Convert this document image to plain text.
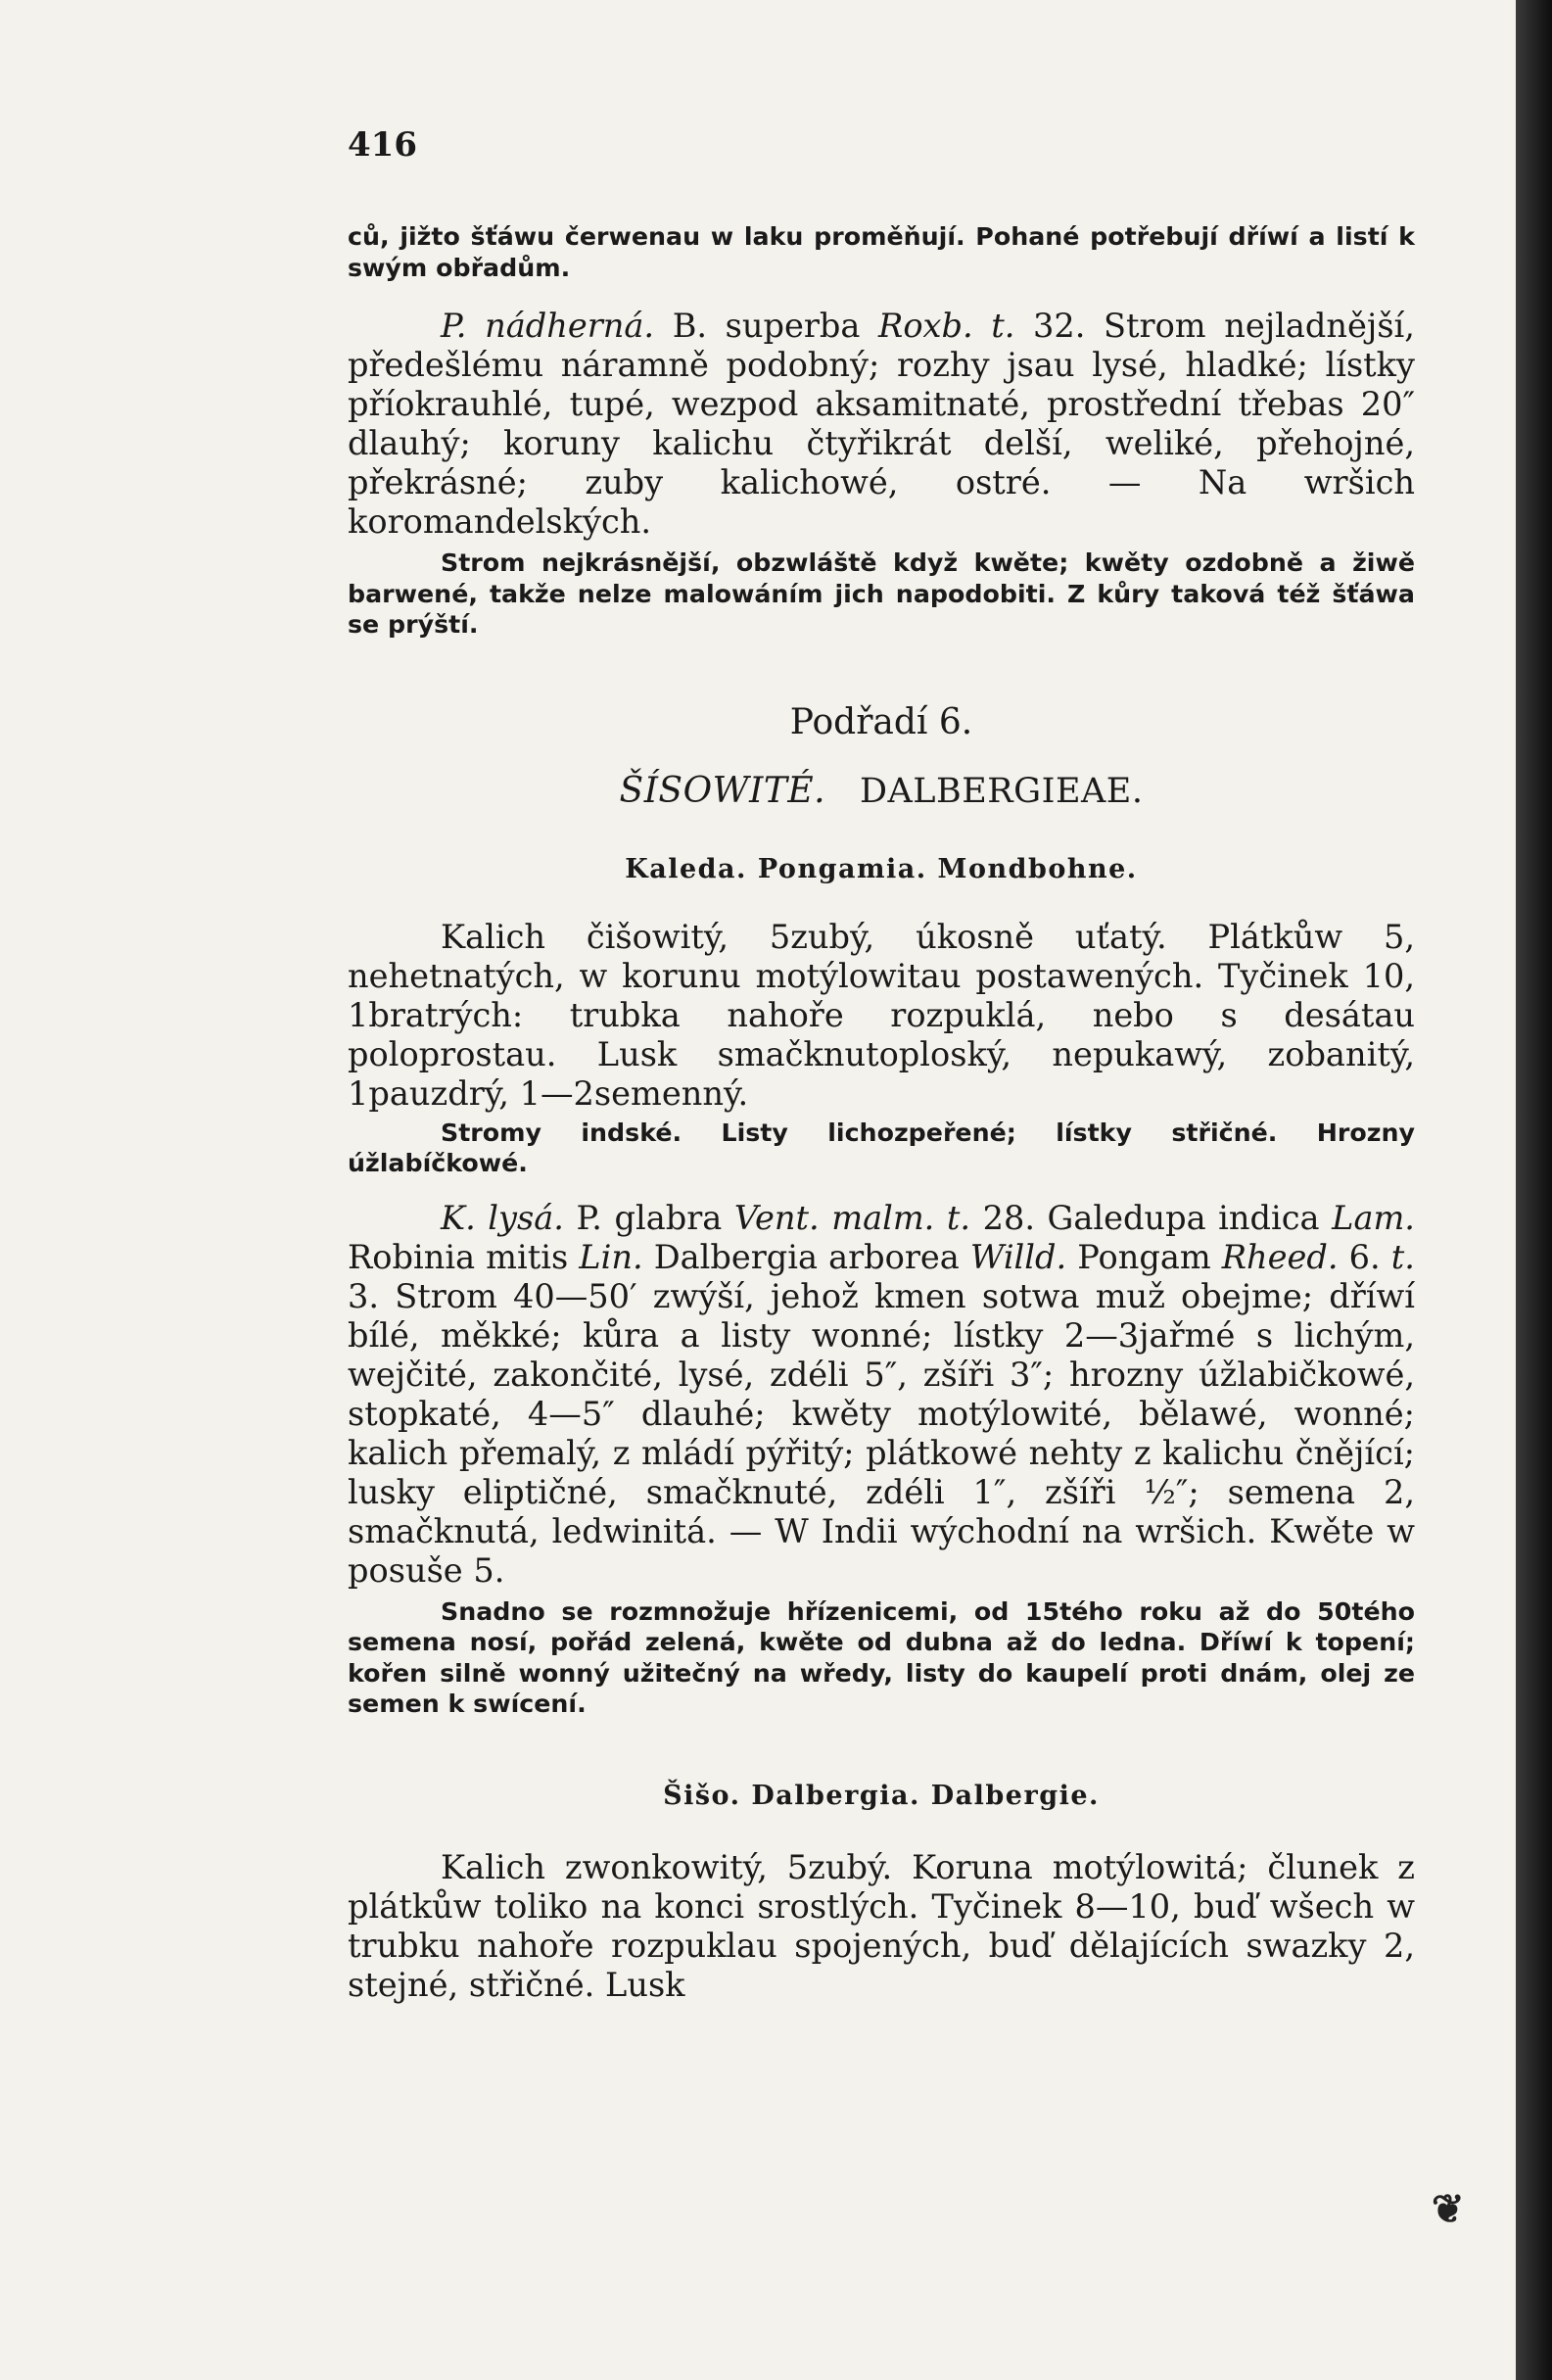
416

ců, jižto šťáwu čerwenau w laku proměňují. Pohané potřebují dříwí a listí k swým obřadům.

P. nádherná. B. superba Roxb. t. 32. Strom nejladnější, předešlému náramně podobný; rozhy jsau lysé, hladké; lístky příokrauhlé, tupé, wezpod aksamitnaté, prostřední třebas 20″ dlauhý; koruny kalichu čtyřikrát delší, weliké, přehojné, překrásné; zuby kalichowé, ostré. — Na wršich koromandelských.

Strom nejkrásnější, obzwláště když kwěte; kwěty ozdobně a žiwě barwené, takže nelze malowáním jich napodobiti. Z kůry taková též šťáwa se prýští.

Podřadí 6.

ŠÍSOWITÉ. DALBERGIEAE.

Kaleda. Pongamia. Mondbohne.

Kalich čišowitý, 5zubý, úkosně uťatý. Plátkůw 5, nehetnatých, w korunu motýlowitau postawených. Tyčinek 10, 1bratrých: trubka nahoře rozpuklá, nebo s desátau poloprostau. Lusk smačknutoploský, nepukawý, zobanitý, 1pauzdrý, 1—2semenný.

Stromy indské. Listy lichozpeřené; lístky střičné. Hrozny úžlabíčkowé.

K. lysá. P. glabra Vent. malm. t. 28. Galedupa indica Lam. Robinia mitis Lin. Dalbergia arborea Willd. Pongam Rheed. 6. t. 3. Strom 40—50′ zwýší, jehož kmen sotwa muž obejme; dříwí bílé, měkké; kůra a listy wonné; lístky 2—3jařmé s lichým, wejčité, zakončité, lysé, zdéli 5″, zšíři 3″; hrozny úžlabičkowé, stopkaté, 4—5″ dlauhé; kwěty motýlowité, bělawé, wonné; kalich přemalý, z mládí pýřitý; plátkowé nehty z kalichu čnějící; lusky eliptičné, smačknuté, zdéli 1″, zšíři ½″; semena 2, smačknutá, ledwinitá. — W Indii wýchodní na wršich. Kwěte w posuše 5.

Snadno se rozmnožuje hřízenicemi, od 15tého roku až do 50tého semena nosí, pořád zelená, kwěte od dubna až do ledna. Dříwí k topení; kořen silně wonný užitečný na wředy, listy do kaupelí proti dnám, olej ze semen k swícení.

Šišo. Dalbergia. Dalbergie.

Kalich zwonkowitý, 5zubý. Koruna motýlowitá; člunek z plátkůw toliko na konci srostlých. Tyčinek 8—10, buď wšech w trubku nahoře rozpuklau spojených, buď dělajících swazky 2, stejné, střičné. Lusk

❦
